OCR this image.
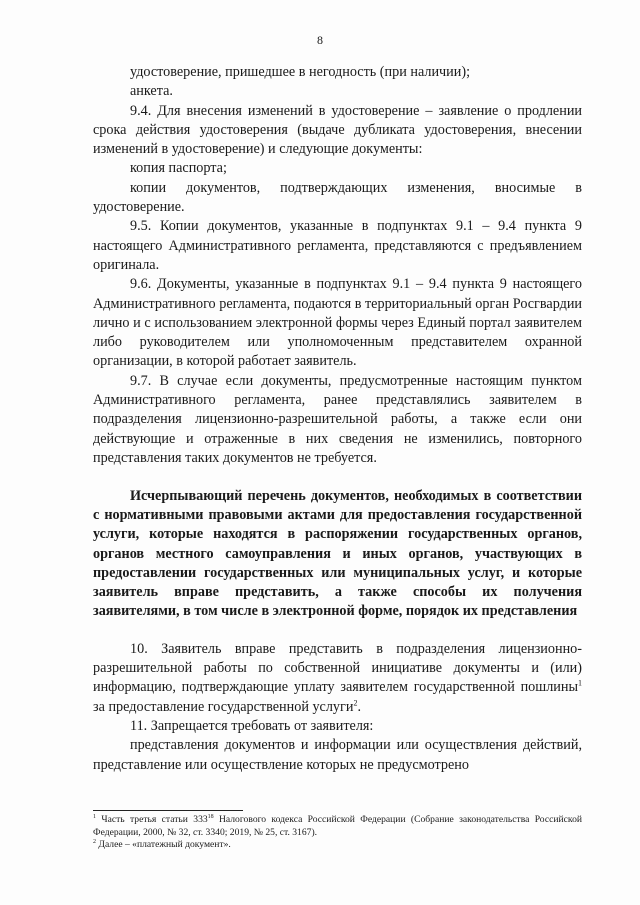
8

удостоверение, пришедшее в негодность (при наличии);

анкета.

9.4. Для внесения изменений в удостоверение – заявление о продлении срока действия удостоверения (выдаче дубликата удостоверения, внесении изменений в удостоверение) и следующие документы:

копия паспорта;

копии документов, подтверждающих изменения, вносимые в удостоверение.

9.5. Копии документов, указанные в подпунктах 9.1 – 9.4 пункта 9 настоящего Административного регламента, представляются с предъявлением оригинала.

9.6. Документы, указанные в подпунктах 9.1 – 9.4 пункта 9 настоящего Административного регламента, подаются в территориальный орган Росгвардии лично и с использованием электронной формы через Единый портал заявителем либо руководителем или уполномоченным представителем охранной организации, в которой работает заявитель.

9.7. В случае если документы, предусмотренные настоящим пунктом Административного регламента, ранее представлялись заявителем в подразделения лицензионно-разрешительной работы, а также если они действующие и отраженные в них сведения не изменились, повторного представления таких документов не требуется.

Исчерпывающий перечень документов, необходимых в соответствии с нормативными правовыми актами для предоставления государственной услуги, которые находятся в распоряжении государственных органов, органов местного самоуправления и иных органов, участвующих в предоставлении государственных или муниципальных услуг, и которые заявитель вправе представить, а также способы их получения заявителями, в том числе в электронной форме, порядок их представления

10. Заявитель вправе представить в подразделения лицензионно-разрешительной работы по собственной инициативе документы и (или) информацию, подтверждающие уплату заявителем государственной пошлины$^1$ за предоставление государственной услуги$^2$.

11. Запрещается требовать от заявителя:

представления документов и информации или осуществления действий, представление или осуществление которых не предусмотрено

$^1$ Часть третья статьи $333^{18}$ Налогового кодекса Российской Федерации (Собрание законодательства Российской Федерации, 2000, № 32, ст. 3340; 2019, № 25, ст. 3167).

$^2$ Далее – «платежный документ».
